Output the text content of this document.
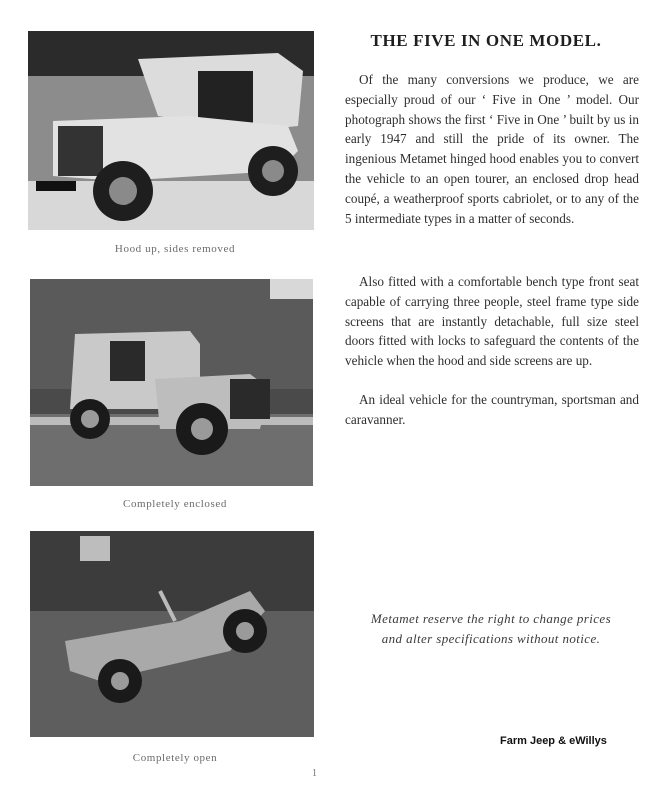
Hood up, sides removed
Completely enclosed
Completely open
THE FIVE IN ONE MODEL.

Of the many conversions we produce, we are especially proud of our ‘ Five in One ’ model. Our photograph shows the first ‘ Five in One ’ built by us in early 1947 and still the pride of its owner. The ingenious Metamet hinged hood enables you to convert the vehicle to an open tourer, an enclosed drop head coupé, a weatherproof sports cabriolet, or to any of the 5 intermediate types in a matter of seconds.

Also fitted with a comfortable bench type front seat capable of carrying three people, steel frame type side screens that are instantly detachable, full size steel doors fitted with locks to safeguard the contents of the vehicle when the hood and side screens are up.

An ideal vehicle for the countryman, sportsman and caravanner.

Metamet reserve the right to change prices
and alter specifications without notice.
Farm Jeep & eWillys
1
